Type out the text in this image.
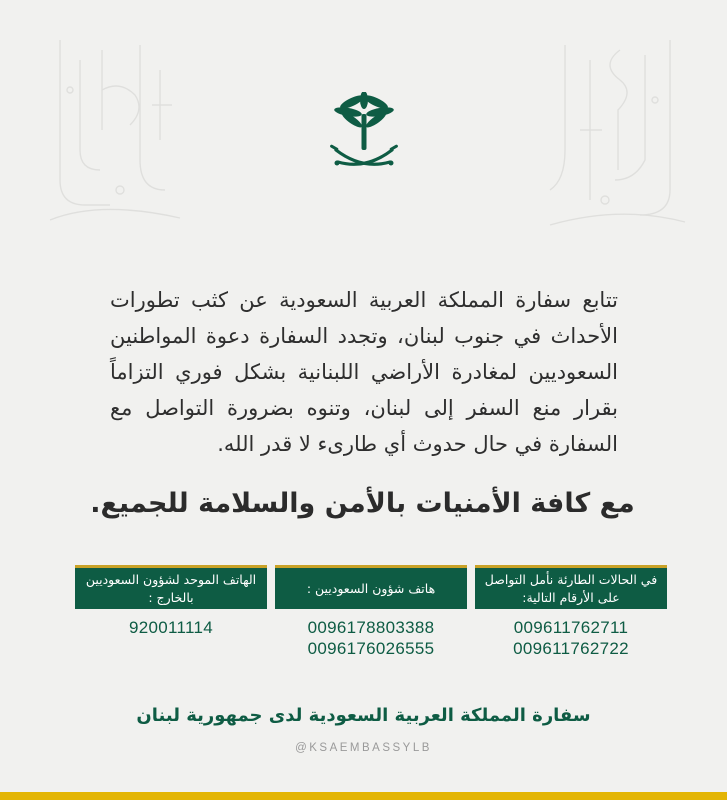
تتابع سفارة المملكة العربية السعودية عن كثب تطورات الأحداث في جنوب لبنان، وتجدد السفارة دعوة المواطنين السعوديين لمغادرة الأراضي اللبنانية بشكل فوري التزاماً بقرار منع السفر إلى لبنان، وتنوه بضرورة التواصل مع السفارة في حال حدوث أي طارىء لا قدر الله.

مع كافة الأمنيات بالأمن والسلامة للجميع.

في الحالات الطارئة نأمل التواصل على الأرقام التالية:
009611762711
009611762722
هاتف شؤون السعوديين :
0096178803388
0096176026555
الهاتف الموحد لشؤون السعوديين بالخارج :
920011114

سفارة المملكة العربية السعودية لدى جمهورية لبنان

@KSAEMBASSYLB
